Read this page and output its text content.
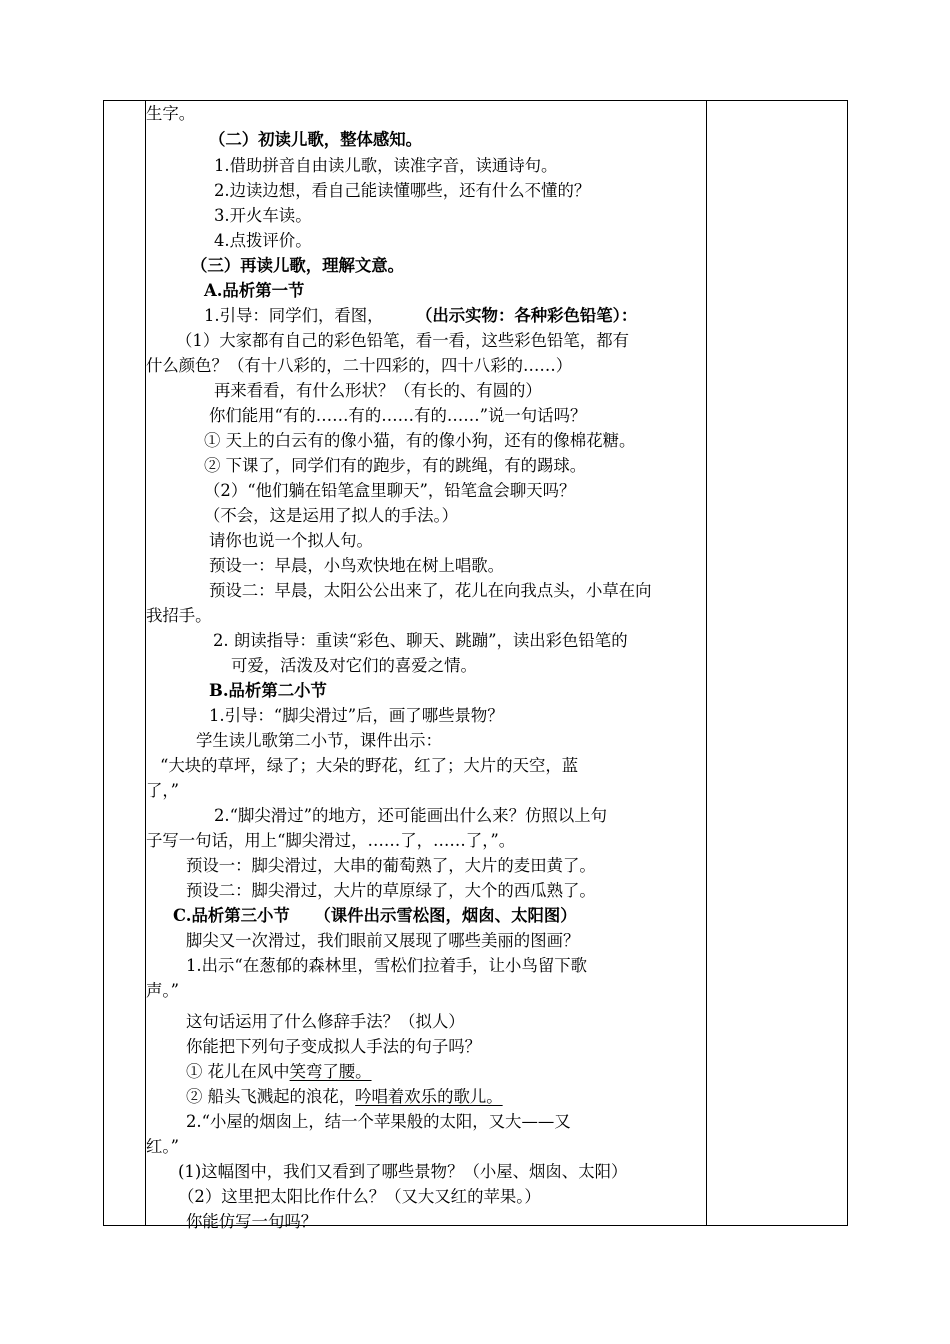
生字。
（二）初读儿歌，整体感知。
1.借助拼音自由读儿歌，读准字音，读通诗句。
2.边读边想，看自己能读懂哪些，还有什么不懂的？
3.开火车读。
4.点拨评价。
（三）再读儿歌，理解文意。
A.品析第一节
1.引导：同学们，看图， （出示实物：各种彩色铅笔）：
（1）大家都有自己的彩色铅笔，看一看，这些彩色铅笔，都有
什么颜色？（有十八彩的，二十四彩的，四十八彩的……）
再来看看，有什么形状？（有长的、有圆的）
你们能用“有的……有的……有的……”说一句话吗？
① 天上的白云有的像小猫，有的像小狗，还有的像棉花糖。
② 下课了，同学们有的跑步，有的跳绳，有的踢球。
（2）“他们躺在铅笔盒里聊天”，铅笔盒会聊天吗？
（不会，这是运用了拟人的手法。）
请你也说一个拟人句。
预设一：早晨，小鸟欢快地在树上唱歌。
预设二：早晨，太阳公公出来了，花儿在向我点头，小草在向
我招手。
2. 朗读指导：重读“彩色、聊天、跳蹦”，读出彩色铅笔的
可爱，活泼及对它们的喜爱之情。
B.品析第二小节
1.引导：“脚尖滑过”后，画了哪些景物？
学生读儿歌第二小节，课件出示：
“大块的草坪，绿了；大朵的野花，红了；大片的天空，蓝
了，”
2.“脚尖滑过”的地方，还可能画出什么来？仿照以上句
子写一句话，用上“脚尖滑过，……了，……了，”。
预设一：脚尖滑过，大串的葡萄熟了，大片的麦田黄了。
预设二：脚尖滑过，大片的草原绿了，大个的西瓜熟了。
C.品析第三小节　　（课件出示雪松图，烟囱、太阳图）
脚尖又一次滑过，我们眼前又展现了哪些美丽的图画？
1.出示“在葱郁的森林里，雪松们拉着手，让小鸟留下歌
声。”
这句话运用了什么修辞手法？（拟人）
你能把下列句子变成拟人手法的句子吗？
① 花儿在风中笑弯了腰。
② 船头飞溅起的浪花，吟唱着欢乐的歌儿。
2.“小屋的烟囱上，结一个苹果般的太阳，又大——又
红。”
(1)这幅图中，我们又看到了哪些景物？（小屋、烟囱、太阳）
（2）这里把太阳比作什么？（又大又红的苹果。）
你能仿写一句吗？
